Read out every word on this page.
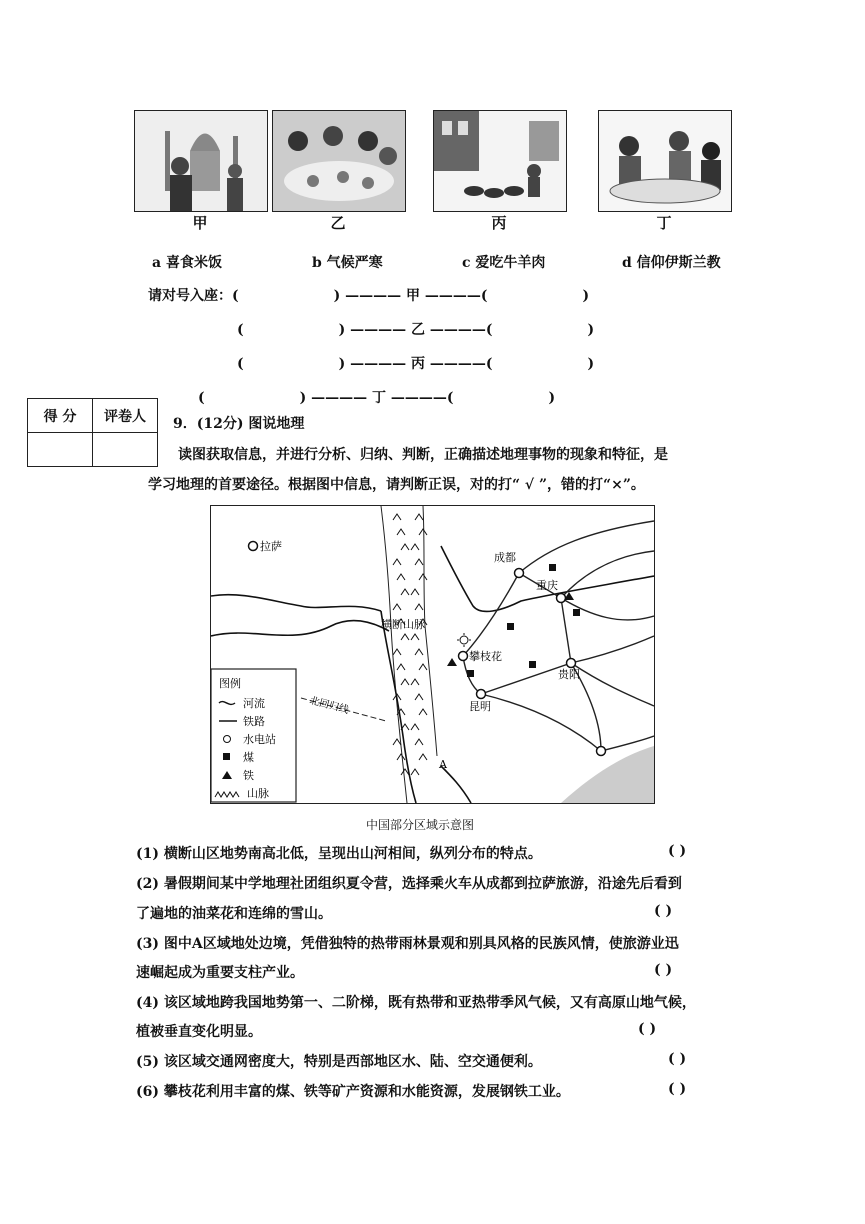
甲	乙	丙	丁
a 喜食米饭	b 气候严寒	c 爱吃牛羊肉	d 信仰伊斯兰教
请对号入座：(	) ———— 甲 ————(	)
(	) ———— 乙 ————(	)
(	) ———— 丙 ————(	)
(	) ———— 丁 ————(	)
得 分	评卷人
	9．(12分) 图说地理
读图获取信息，并进行分析、归纳、判断，正确描述地理事物的现象和特征，是
学习地理的首要途径。根据图中信息，请判断正误，对的打“ √ ”，错的打“×”。
北回归线
拉萨
成都
重庆
攀枝花
贵阳
昆明
横断山脉
A
图例
河流
铁路
水电站
煤
铁
山脉
中国部分区域示意图
(1) 横断山区地势南高北低，呈现出山河相间，纵列分布的特点。	( )
(2) 暑假期间某中学地理社团组织夏令营，选择乘火车从成都到拉萨旅游，沿途先后看到
了遍地的油菜花和连绵的雪山。	( )
(3) 图中A区域地处边境，凭借独特的热带雨林景观和别具风格的民族风情，使旅游业迅
速崛起成为重要支柱产业。	( )
(4) 该区域地跨我国地势第一、二阶梯，既有热带和亚热带季风气候，又有高原山地气候，
植被垂直变化明显。	( )
(5) 该区域交通网密度大，特别是西部地区水、陆、空交通便利。	( )
(6) 攀枝花利用丰富的煤、铁等矿产资源和水能资源，发展钢铁工业。	( )
